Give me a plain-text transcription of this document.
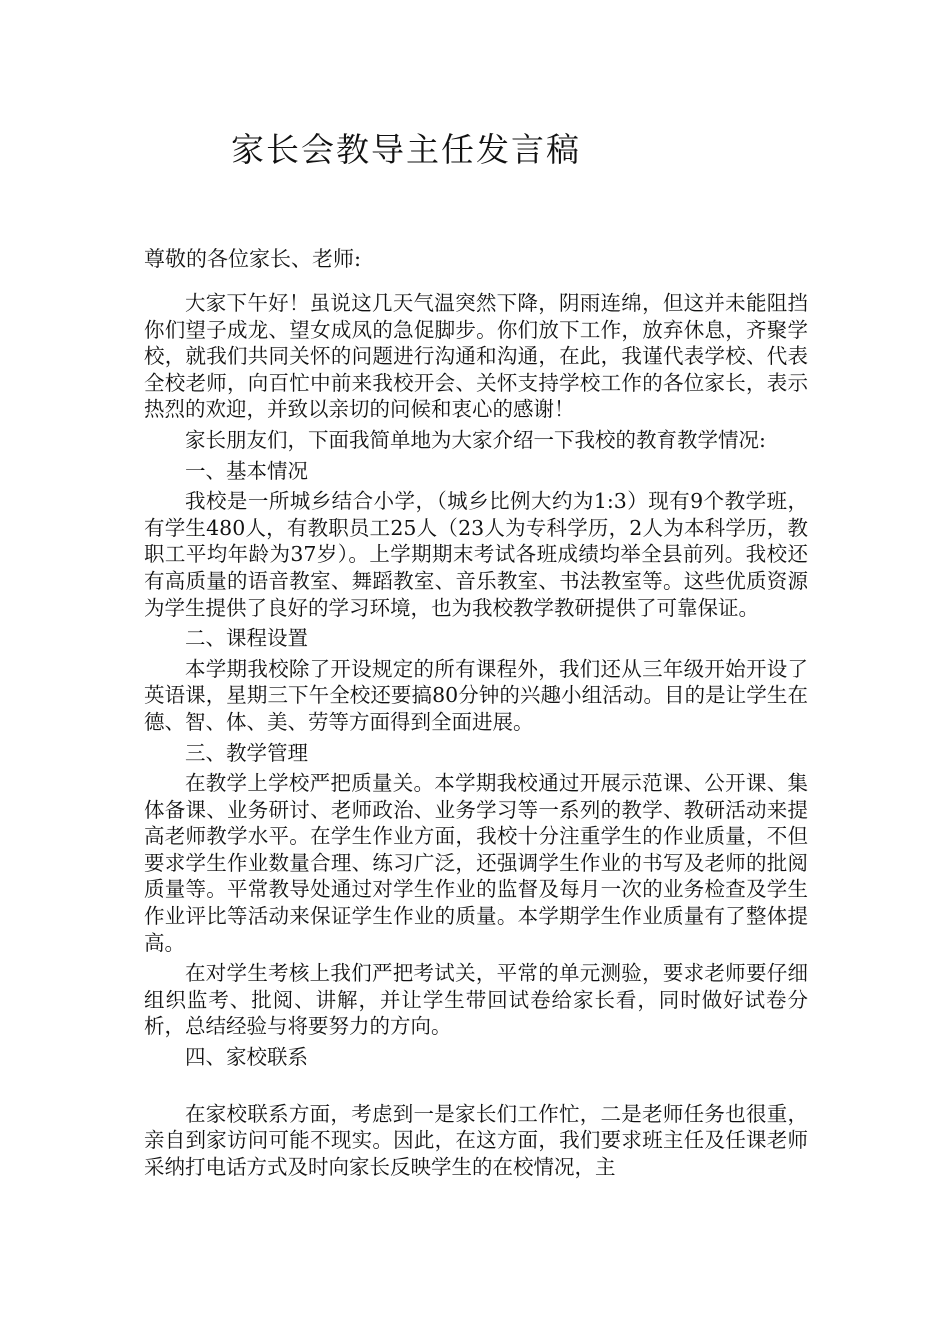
家长会教导主任发言稿

尊敬的各位家长、老师:

大家下午好！虽说这几天气温突然下降，阴雨连绵，但这并未能阻挡你们望子成龙、望女成凤的急促脚步。你们放下工作，放弃休息，齐聚学校，就我们共同关怀的问题进行沟通和沟通，在此，我谨代表学校、代表全校老师，向百忙中前来我校开会、关怀支持学校工作的各位家长，表示热烈的欢迎，并致以亲切的问候和衷心的感谢！

家长朋友们，下面我简单地为大家介绍一下我校的教育教学情况:

一、基本情况

我校是一所城乡结合小学，（城乡比例大约为1:3）现有9个教学班，有学生480人，有教职员工25人（23人为专科学历，2人为本科学历，教职工平均年龄为37岁）。上学期期末考试各班成绩均举全县前列。我校还有高质量的语音教室、舞蹈教室、音乐教室、书法教室等。这些优质资源为学生提供了良好的学习环境，也为我校教学教研提供了可靠保证。

二、课程设置

本学期我校除了开设规定的所有课程外，我们还从三年级开始开设了英语课，星期三下午全校还要搞80分钟的兴趣小组活动。目的是让学生在德、智、体、美、劳等方面得到全面进展。

三、教学管理

在教学上学校严把质量关。本学期我校通过开展示范课、公开课、集体备课、业务研讨、老师政治、业务学习等一系列的教学、教研活动来提高老师教学水平。在学生作业方面，我校十分注重学生的作业质量，不但要求学生作业数量合理、练习广泛，还强调学生作业的书写及老师的批阅质量等。平常教导处通过对学生作业的监督及每月一次的业务检查及学生作业评比等活动来保证学生作业的质量。本学期学生作业质量有了整体提高。

在对学生考核上我们严把考试关，平常的单元测验，要求老师要仔细组织监考、批阅、讲解，并让学生带回试卷给家长看，同时做好试卷分析，总结经验与将要努力的方向。

四、家校联系

在家校联系方面，考虑到一是家长们工作忙，二是老师任务也很重，亲自到家访问可能不现实。因此，在这方面，我们要求班主任及任课老师采纳打电话方式及时向家长反映学生的在校情况，主
